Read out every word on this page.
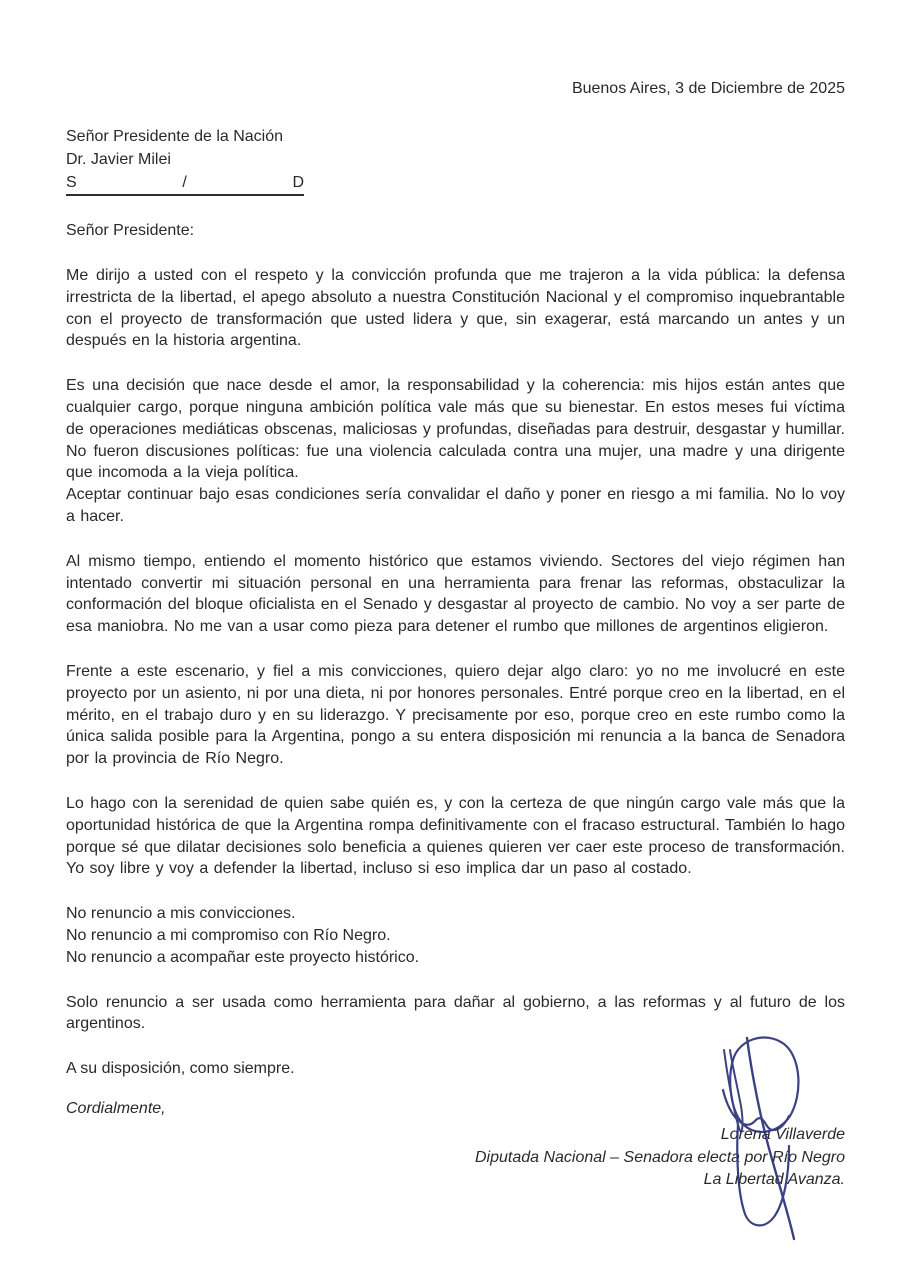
Buenos Aires, 3 de Diciembre de 2025
Señor Presidente de la Nación
Dr. Javier Milei
S	/	D
Señor Presidente:

Me dirijo a usted con el respeto y la convicción profunda que me trajeron a la vida pública: la defensa irrestricta de la libertad, el apego absoluto a nuestra Constitución Nacional y el compromiso inquebrantable con el proyecto de transformación que usted lidera y que, sin exagerar, está marcando un antes y un después en la historia argentina.

Es una decisión que nace desde el amor, la responsabilidad y la coherencia: mis hijos están antes que cualquier cargo, porque ninguna ambición política vale más que su bienestar. En estos meses fui víctima de operaciones mediáticas obscenas, maliciosas y profundas, diseñadas para destruir, desgastar y humillar. No fueron discusiones políticas: fue una violencia calculada contra una mujer, una madre y una dirigente que incomoda a la vieja política.

Aceptar continuar bajo esas condiciones sería convalidar el daño y poner en riesgo a mi familia. No lo voy a hacer.

Al mismo tiempo, entiendo el momento histórico que estamos viviendo. Sectores del viejo régimen han intentado convertir mi situación personal en una herramienta para frenar las reformas, obstaculizar la conformación del bloque oficialista en el Senado y desgastar al proyecto de cambio. No voy a ser parte de esa maniobra. No me van a usar como pieza para detener el rumbo que millones de argentinos eligieron.

Frente a este escenario, y fiel a mis convicciones, quiero dejar algo claro: yo no me involucré en este proyecto por un asiento, ni por una dieta, ni por honores personales. Entré porque creo en la libertad, en el mérito, en el trabajo duro y en su liderazgo. Y precisamente por eso, porque creo en este rumbo como la única salida posible para la Argentina, pongo a su entera disposición mi renuncia a la banca de Senadora por la provincia de Río Negro.

Lo hago con la serenidad de quien sabe quién es, y con la certeza de que ningún cargo vale más que la oportunidad histórica de que la Argentina rompa definitivamente con el fracaso estructural. También lo hago porque sé que dilatar decisiones solo beneficia a quienes quieren ver caer este proceso de transformación. Yo soy libre y voy a defender la libertad, incluso si eso implica dar un paso al costado.

No renuncio a mis convicciones.
No renuncio a mi compromiso con Río Negro.
No renuncio a acompañar este proyecto histórico.

Solo renuncio a ser usada como herramienta para dañar al gobierno, a las reformas y al futuro de los argentinos.

A su disposición, como siempre.
Cordialmente,
Lorena Villaverde
Diputada Nacional – Senadora electa por Río Negro
La Libertad Avanza.
